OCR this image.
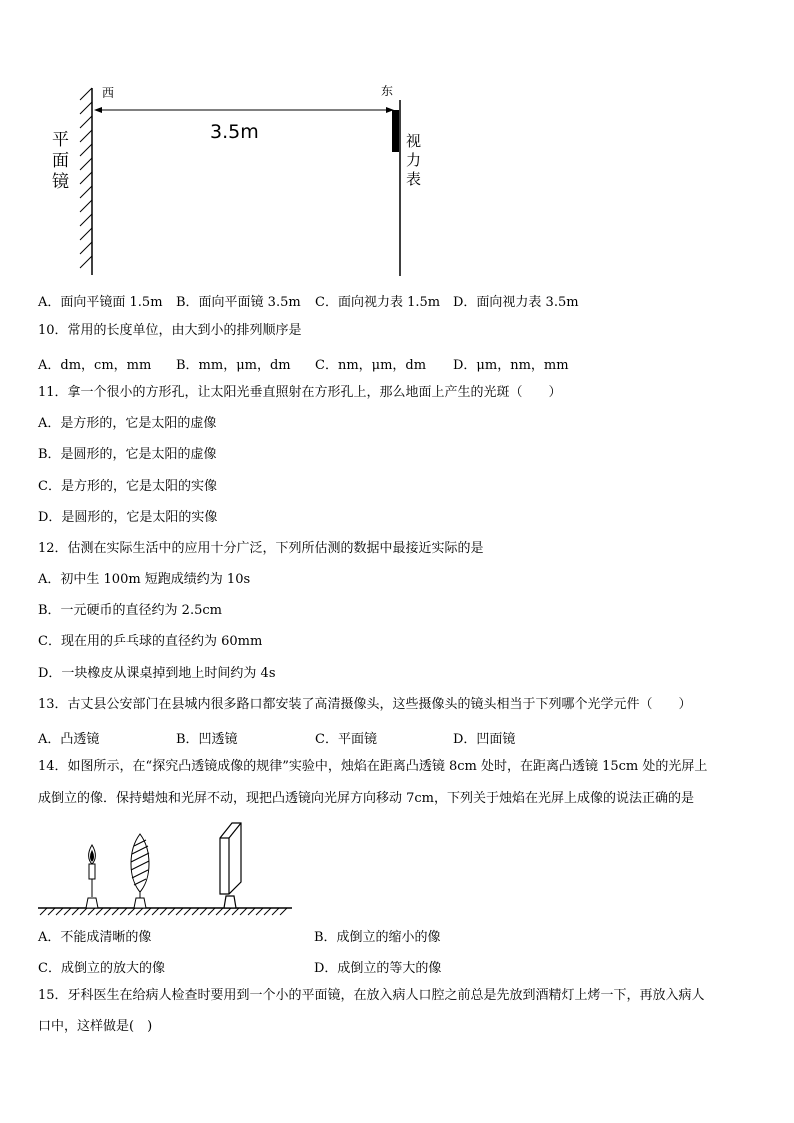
西	东
3.5m
平
面
镜
视
力
表
A．面向平镜面 1.5m B．面向平面镜 3.5m C．面向视力表 1.5m D．面向视力表 3.5m
10．常用的长度单位，由大到小的排列顺序是
A．dm，cm，mm B．mm，μm，dm C．nm，μm，dm D．μm，nm，mm
11．拿一个很小的方形孔，让太阳光垂直照射在方形孔上，那么地面上产生的光斑（　　）
A．是方形的，它是太阳的虚像
B．是圆形的，它是太阳的虚像
C．是方形的，它是太阳的实像
D．是圆形的，它是太阳的实像
12．估测在实际生活中的应用十分广泛，下列所估测的数据中最接近实际的是
A．初中生 100m 短跑成绩约为 10s
B．一元硬币的直径约为 2.5cm
C．现在用的乒乓球的直径约为 60mm
D．一块橡皮从课桌掉到地上时间约为 4s
13．古丈县公安部门在县城内很多路口都安装了高清摄像头，这些摄像头的镜头相当于下列哪个光学元件（　　）
A．凸透镜	B．凹透镜	C．平面镜	D．凹面镜
14．如图所示，在“探究凸透镜成像的规律”实验中，烛焰在距离凸透镜 8cm 处时，在距离凸透镜 15cm 处的光屏上
成倒立的像．保持蜡烛和光屏不动，现把凸透镜向光屏方向移动 7cm，下列关于烛焰在光屏上成像的说法正确的是
A．不能成清晰的像	B．成倒立的缩小的像
C．成倒立的放大的像	D．成倒立的等大的像
15．牙科医生在给病人检查时要用到一个小的平面镜，在放入病人口腔之前总是先放到酒精灯上烤一下，再放入病人
口中，这样做是(　)
